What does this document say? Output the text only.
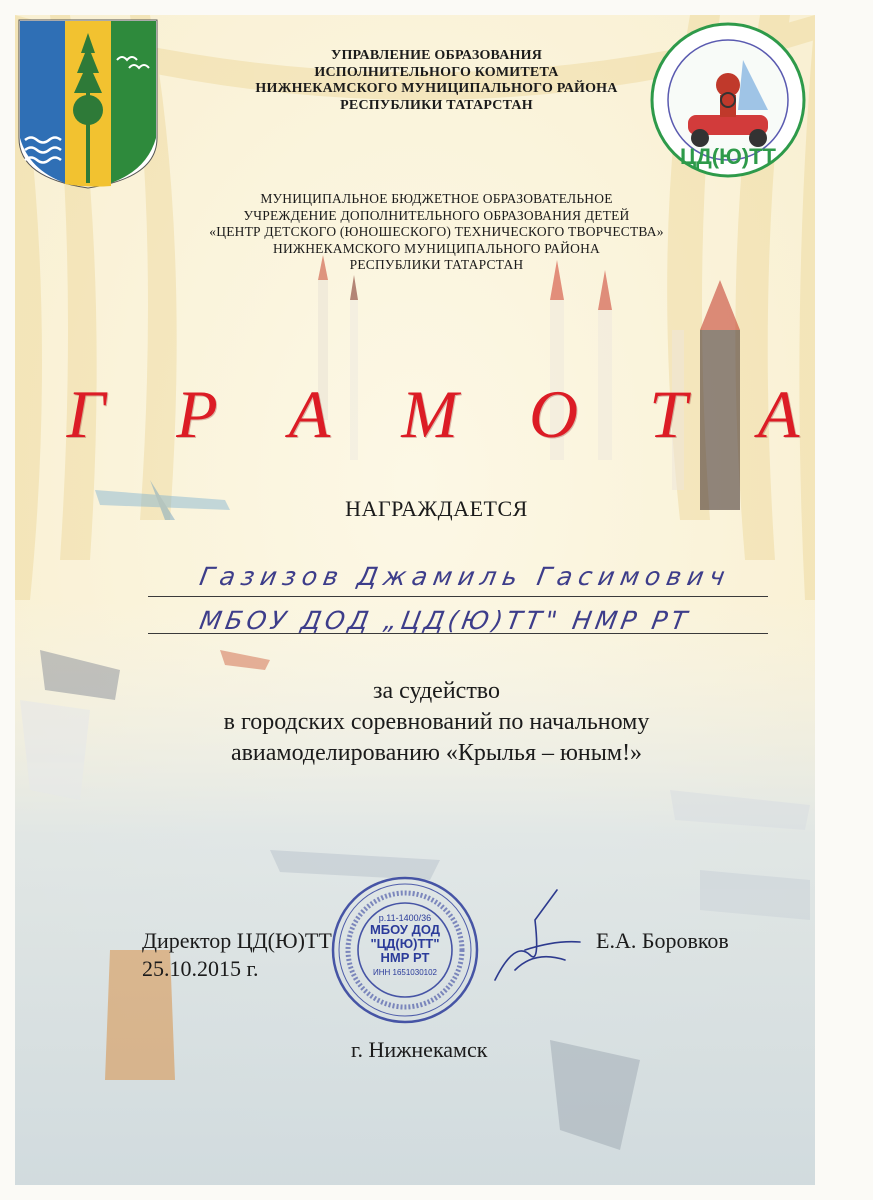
ЦД(Ю)ТТ
УПРАВЛЕНИЕ ОБРАЗОВАНИЯ
ИСПОЛНИТЕЛЬНОГО КОМИТЕТА
НИЖНЕКАМСКОГО МУНИЦИПАЛЬНОГО РАЙОНА
РЕСПУБЛИКИ ТАТАРСТАН
МУНИЦИПАЛЬНОЕ БЮДЖЕТНОЕ ОБРАЗОВАТЕЛЬНОЕ
УЧРЕЖДЕНИЕ ДОПОЛНИТЕЛЬНОГО ОБРАЗОВАНИЯ ДЕТЕЙ
«ЦЕНТР ДЕТСКОГО (ЮНОШЕСКОГО) ТЕХНИЧЕСКОГО ТВОРЧЕСТВА»
НИЖНЕКАМСКОГО МУНИЦИПАЛЬНОГО РАЙОНА
РЕСПУБЛИКИ ТАТАРСТАН
Г Р А М О Т А
НАГРАЖДАЕТСЯ
Газизов Джамиль Гасимович
МБОУ ДОД „ЦД(Ю)ТТ" НМР РТ
за судейство
в городских соревнований по начальному
авиамоделированию «Крылья – юным!»
Директор ЦД(Ю)ТТ
25.10.2015 г.
Е.А. Боровков
г. Нижнекамск
р.11-1400/36
МБОУ ДОД
"ЦД(Ю)ТТ"
НМР РТ
ИНН 1651030102
